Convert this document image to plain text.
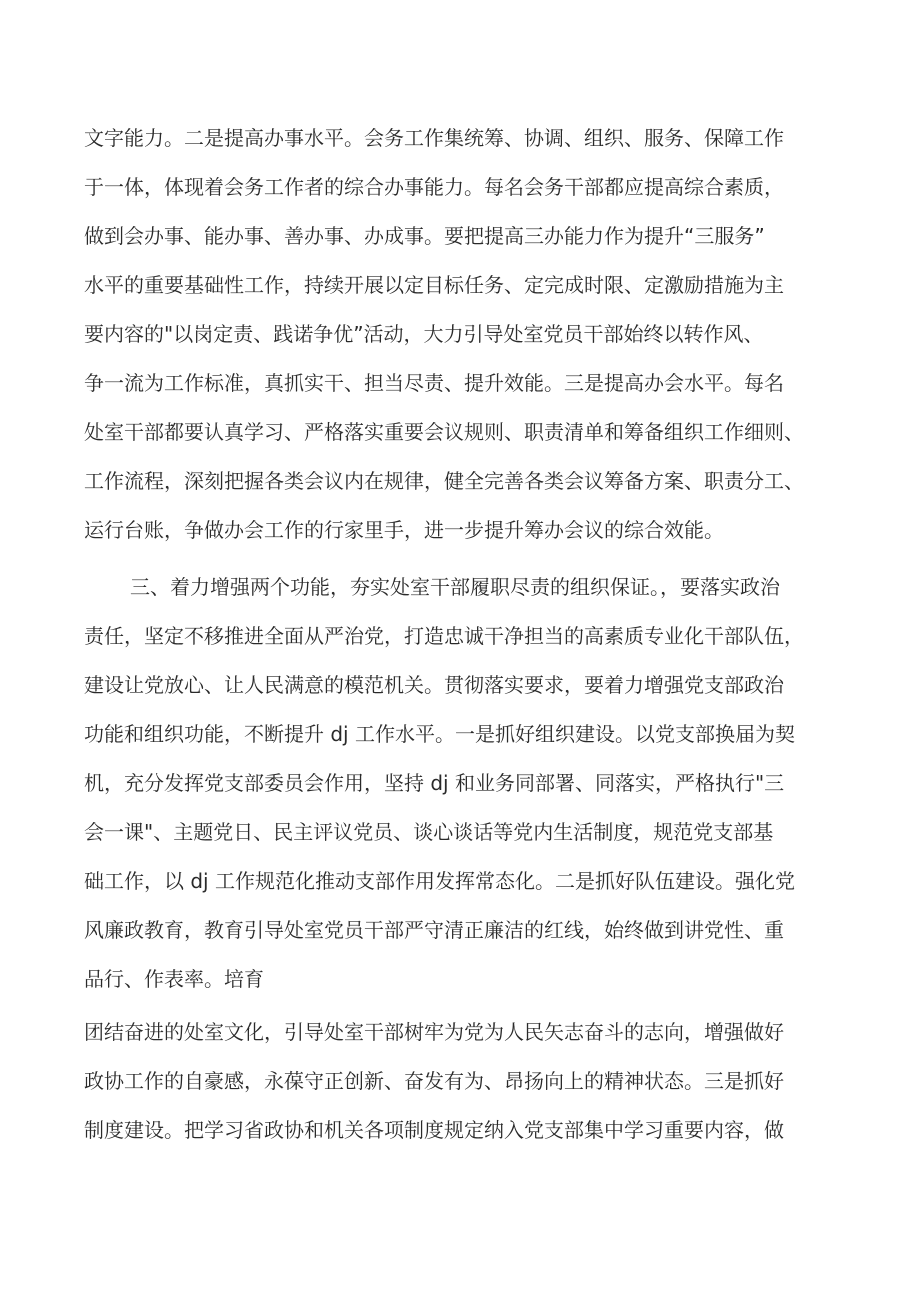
文字能力。二是提高办事水平。会务工作集统筹、协调、组织、服务、保障工作
于一体，体现着会务工作者的综合办事能力。每名会务干部都应提高综合素质，
做到会办事、能办事、善办事、办成事。要把提高三办能力作为提升“三服务”
水平的重要基础性工作，持续开展以定目标任务、定完成时限、定激励措施为主
要内容的"以岗定责、践诺争优”活动，大力引导处室党员干部始终以转作风、
争一流为工作标准，真抓实干、担当尽责、提升效能。三是提高办会水平。每名
处室干部都要认真学习、严格落实重要会议规则、职责清单和筹备组织工作细则、
工作流程，深刻把握各类会议内在规律，健全完善各类会议筹备方案、职责分工、
运行台账，争做办会工作的行家里手，进一步提升筹办会议的综合效能。
三、着力增强两个功能，夯实处室干部履职尽责的组织保证。，要落实政治
责任，坚定不移推进全面从严治党，打造忠诚干净担当的高素质专业化干部队伍，
建设让党放心、让人民满意的模范机关。贯彻落实要求，要着力增强党支部政治
功能和组织功能，不断提升 dj 工作水平。一是抓好组织建设。以党支部换届为契
机，充分发挥党支部委员会作用，坚持 dj 和业务同部署、同落实，严格执行"三
会一课"、主题党日、民主评议党员、谈心谈话等党内生活制度，规范党支部基
础工作，以 dj 工作规范化推动支部作用发挥常态化。二是抓好队伍建设。强化党
风廉政教育，教育引导处室党员干部严守清正廉洁的红线，始终做到讲党性、重
品行、作表率。培育
团结奋进的处室文化，引导处室干部树牢为党为人民矢志奋斗的志向，增强做好
政协工作的自豪感，永葆守正创新、奋发有为、昂扬向上的精神状态。三是抓好
制度建设。把学习省政协和机关各项制度规定纳入党支部集中学习重要内容，做
